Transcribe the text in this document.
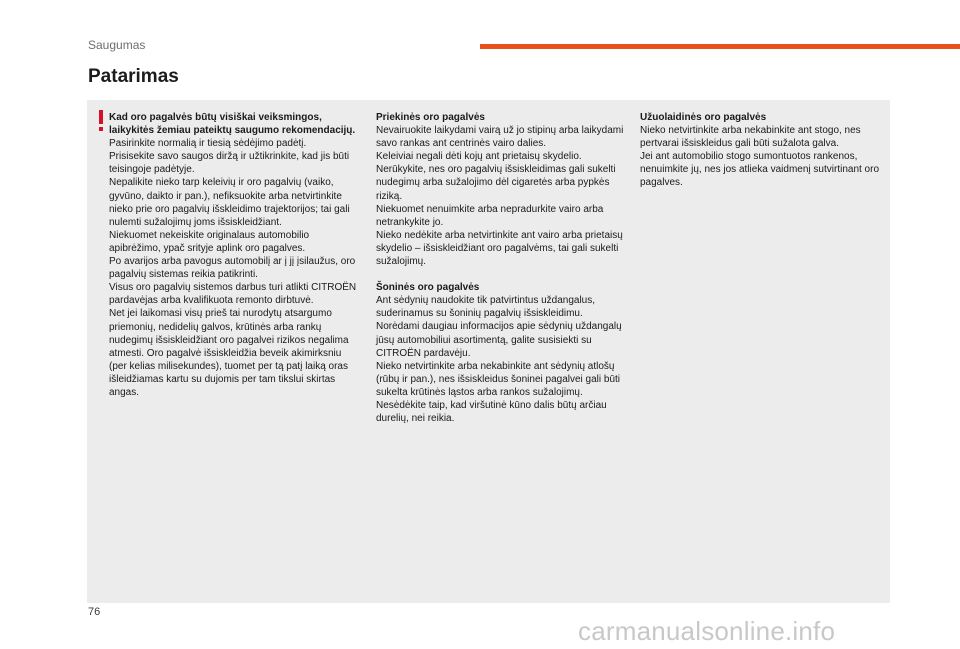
Saugumas
Patarimas

Kad oro pagalvės būtų visiškai veiksmingos, laikykitės žemiau pateiktų saugumo rekomendacijų.

Pasirinkite normalią ir tiesią sėdėjimo padėtį.

Prisisekite savo saugos diržą ir užtikrinkite, kad jis būti teisingoje padėtyje.

Nepalikite nieko tarp keleivių ir oro pagalvių (vaiko, gyvūno, daikto ir pan.), nefiksuokite arba netvirtinkite nieko prie oro pagalvių išskleidimo trajektorijos; tai gali nulemti sužalojimų joms išsiskleidžiant.

Niekuomet nekeiskite originalaus automobilio apibrėžimo, ypač srityje aplink oro pagalves.

Po avarijos arba pavogus automobilį ar į jį įsilaužus, oro pagalvių sistemas reikia patikrinti.

Visus oro pagalvių sistemos darbus turi atlikti CITROËN pardavėjas arba kvalifikuota remonto dirbtuvė.

Net jei laikomasi visų prieš tai nurodytų atsargumo priemonių, nedidelių galvos, krūtinės arba rankų nudegimų išsiskleidžiant oro pagalvei rizikos negalima atmesti. Oro pagalvė išsiskleidžia beveik akimirksniu (per kelias milisekundes), tuomet per tą patį laiką oras išleidžiamas kartu su dujomis per tam tikslui skirtas angas.

Priekinės oro pagalvės

Nevairuokite laikydami vairą už jo stipinų arba laikydami savo rankas ant centrinės vairo dalies.

Keleiviai negali dėti kojų ant prietaisų skydelio.

Nerūkykite, nes oro pagalvių išsiskleidimas gali sukelti nudegimų arba sužalojimo dėl cigaretės arba pypkės riziką.

Niekuomet nenuimkite arba nepradurkite vairo arba netrankykite jo.

Nieko nedėkite arba netvirtinkite ant vairo arba prietaisų skydelio – išsiskleidžiant oro pagalvėms, tai gali sukelti sužalojimų.

Šoninės oro pagalvės

Ant sėdynių naudokite tik patvirtintus uždangalus, suderinamus su šoninių pagalvių išsiskleidimu. Norėdami daugiau informacijos apie sėdynių uždangalų jūsų automobiliui asortimentą, galite susisiekti su CITROËN pardavėju.

Nieko netvirtinkite arba nekabinkite ant sėdynių atlošų (rūbų ir pan.), nes išsiskleidus šoninei pagalvei gali būti sukelta krūtinės ląstos arba rankos sužalojimų.

Nesėdėkite taip, kad viršutinė kūno dalis būtų arčiau durelių, nei reikia.

Užuolaidinės oro pagalvės

Nieko netvirtinkite arba nekabinkite ant stogo, nes pertvarai išsiskleidus gali būti sužalota galva.

Jei ant automobilio stogo sumontuotos rankenos, nenuimkite jų, nes jos atlieka vaidmenį sutvirtinant oro pagalves.

76
carmanualsonline.info
